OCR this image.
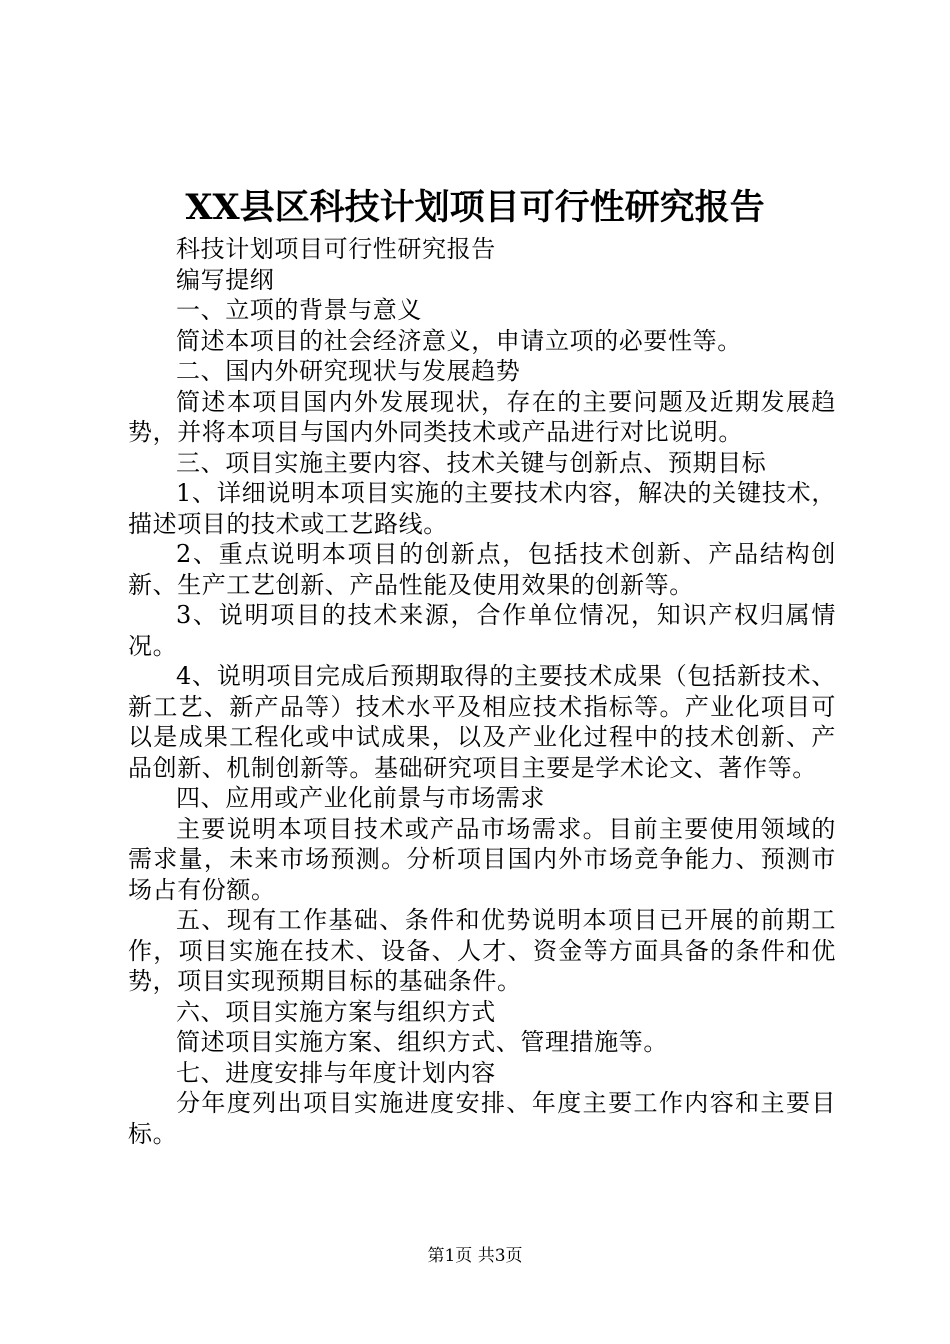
XX县区科技计划项目可行性研究报告

科技计划项目可行性研究报告

编写提纲

一、立项的背景与意义

简述本项目的社会经济意义，申请立项的必要性等。

二、国内外研究现状与发展趋势

简述本项目国内外发展现状，存在的主要问题及近期发展趋势，并将本项目与国内外同类技术或产品进行对比说明。

三、项目实施主要内容、技术关键与创新点、预期目标

1、详细说明本项目实施的主要技术内容，解决的关键技术，描述项目的技术或工艺路线。

2、重点说明本项目的创新点，包括技术创新、产品结构创新、生产工艺创新、产品性能及使用效果的创新等。

3、说明项目的技术来源，合作单位情况，知识产权归属情况。

4、说明项目完成后预期取得的主要技术成果（包括新技术、新工艺、新产品等）技术水平及相应技术指标等。产业化项目可以是成果工程化或中试成果，以及产业化过程中的技术创新、产品创新、机制创新等。基础研究项目主要是学术论文、著作等。

四、应用或产业化前景与市场需求

主要说明本项目技术或产品市场需求。目前主要使用领域的需求量，未来市场预测。分析项目国内外市场竞争能力、预测市场占有份额。

五、现有工作基础、条件和优势说明本项目已开展的前期工作，项目实施在技术、设备、人才、资金等方面具备的条件和优势，项目实现预期目标的基础条件。

六、项目实施方案与组织方式

简述项目实施方案、组织方式、管理措施等。

七、进度安排与年度计划内容

分年度列出项目实施进度安排、年度主要工作内容和主要目标。

第1页 共3页
